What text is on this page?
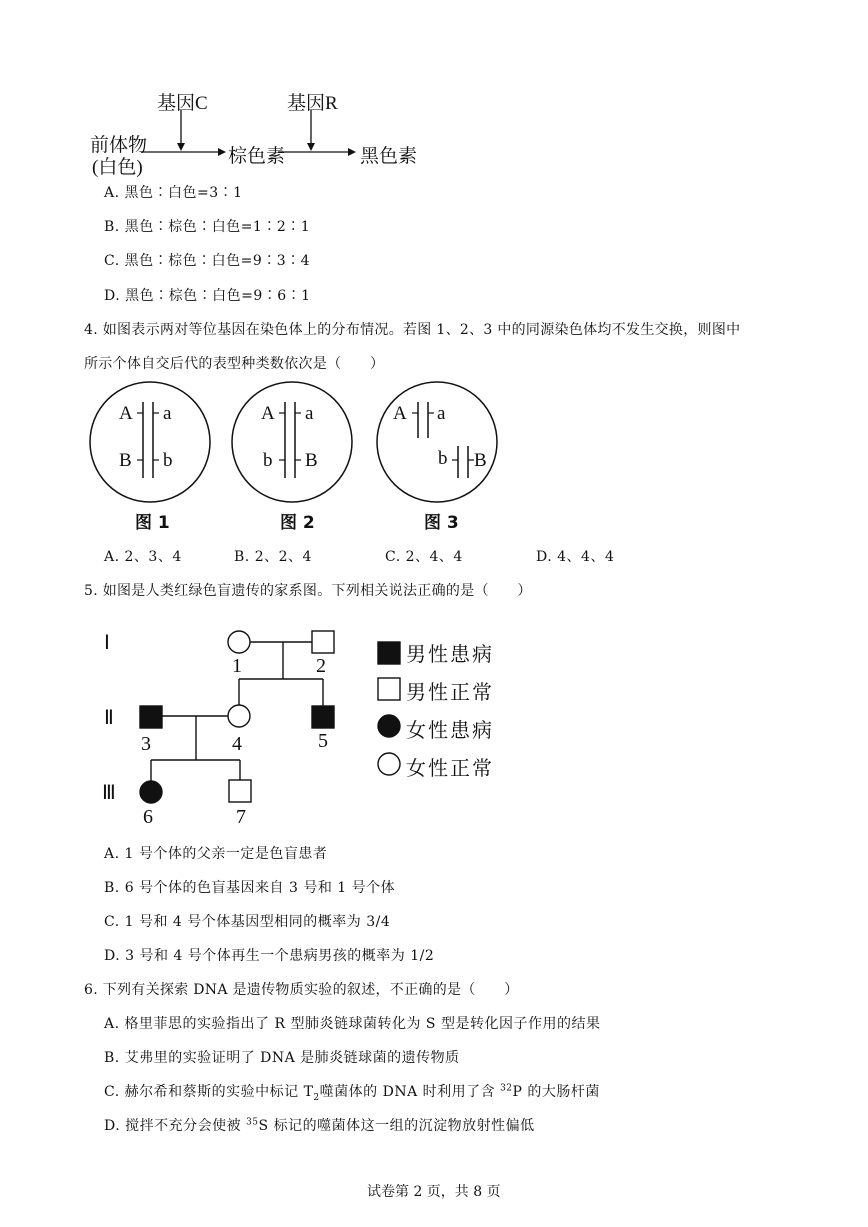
基因C	基因R
前体物
(白色)
棕色素	黑色素
A. 黑色∶白色=3∶1
B. 黑色∶棕色∶白色=1∶2∶1
C. 黑色∶棕色∶白色=9∶3∶4
D. 黑色∶棕色∶白色=9∶6∶1
4. 如图表示两对等位基因在染色体上的分布情况。若图 1、2、3 中的同源染色体均不发生交换，则图中
所示个体自交后代的表型种类数依次是（　　）
A a
B b
A a
b B
A a
b B
图 1	图 2	图 3
A. 2、3、4	B. 2、2、4	C. 2、4、4	D. 4、4、4
5. 如图是人类红绿色盲遗传的家系图。下列相关说法正确的是（　　）
Ⅰ
Ⅱ
Ⅲ
1	2
3	4	5
6	7
男性患病
男性正常
女性患病
女性正常
A. 1 号个体的父亲一定是色盲患者
B. 6 号个体的色盲基因来自 3 号和 1 号个体
C. 1 号和 4 号个体基因型相同的概率为 3/4
D. 3 号和 4 号个体再生一个患病男孩的概率为 1/2
6. 下列有关探索 DNA 是遗传物质实验的叙述，不正确的是（　　）
A. 格里菲思的实验指出了 R 型肺炎链球菌转化为 S 型是转化因子作用的结果
B. 艾弗里的实验证明了 DNA 是肺炎链球菌的遗传物质
C. 赫尔希和蔡斯的实验中标记 $T_2$噬菌体的 DNA 时利用了含 $^{32}$P 的大肠杆菌
D. 搅拌不充分会使被 $^{35}$S 标记的噬菌体这一组的沉淀物放射性偏低
试卷第 2 页，共 8 页
